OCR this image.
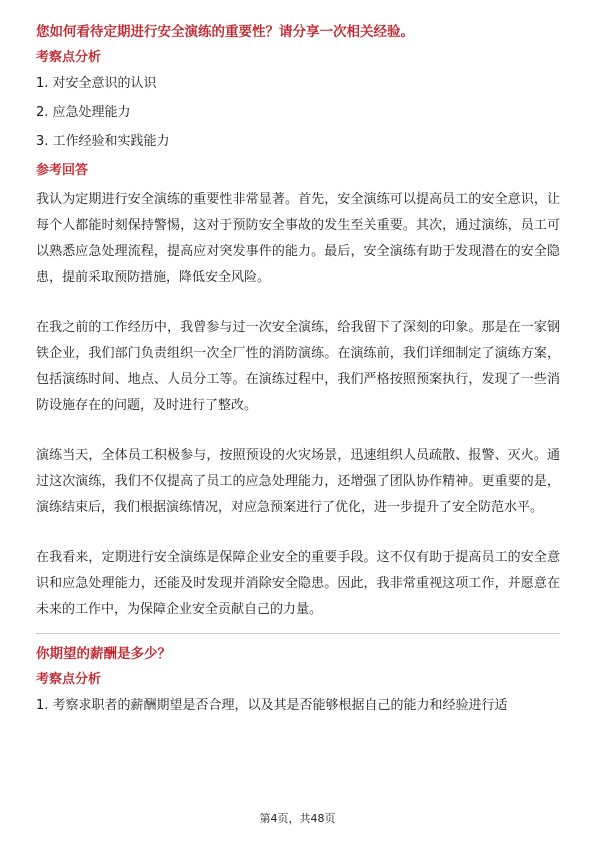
您如何看待定期进行安全演练的重要性？请分享一次相关经验。
考察点分析
1. 对安全意识的认识
2. 应急处理能力
3. 工作经验和实践能力
参考回答

我认为定期进行安全演练的重要性非常显著。首先，安全演练可以提高员工的安全意识，让每个人都能时刻保持警惕，这对于预防安全事故的发生至关重要。其次，通过演练，员工可以熟悉应急处理流程，提高应对突发事件的能力。最后，安全演练有助于发现潜在的安全隐患，提前采取预防措施，降低安全风险。

在我之前的工作经历中，我曾参与过一次安全演练，给我留下了深刻的印象。那是在一家钢铁企业，我们部门负责组织一次全厂性的消防演练。在演练前，我们详细制定了演练方案，包括演练时间、地点、人员分工等。在演练过程中，我们严格按照预案执行，发现了一些消防设施存在的问题，及时进行了整改。

演练当天，全体员工积极参与，按照预设的火灾场景，迅速组织人员疏散、报警、灭火。通过这次演练，我们不仅提高了员工的应急处理能力，还增强了团队协作精神。更重要的是，演练结束后，我们根据演练情况，对应急预案进行了优化，进一步提升了安全防范水平。

在我看来，定期进行安全演练是保障企业安全的重要手段。这不仅有助于提高员工的安全意识和应急处理能力，还能及时发现并消除安全隐患。因此，我非常重视这项工作，并愿意在未来的工作中，为保障企业安全贡献自己的力量。

你期望的薪酬是多少？
考察点分析
1. 考察求职者的薪酬期望是否合理，以及其是否能够根据自己的能力和经验进行适
第4页，共48页
